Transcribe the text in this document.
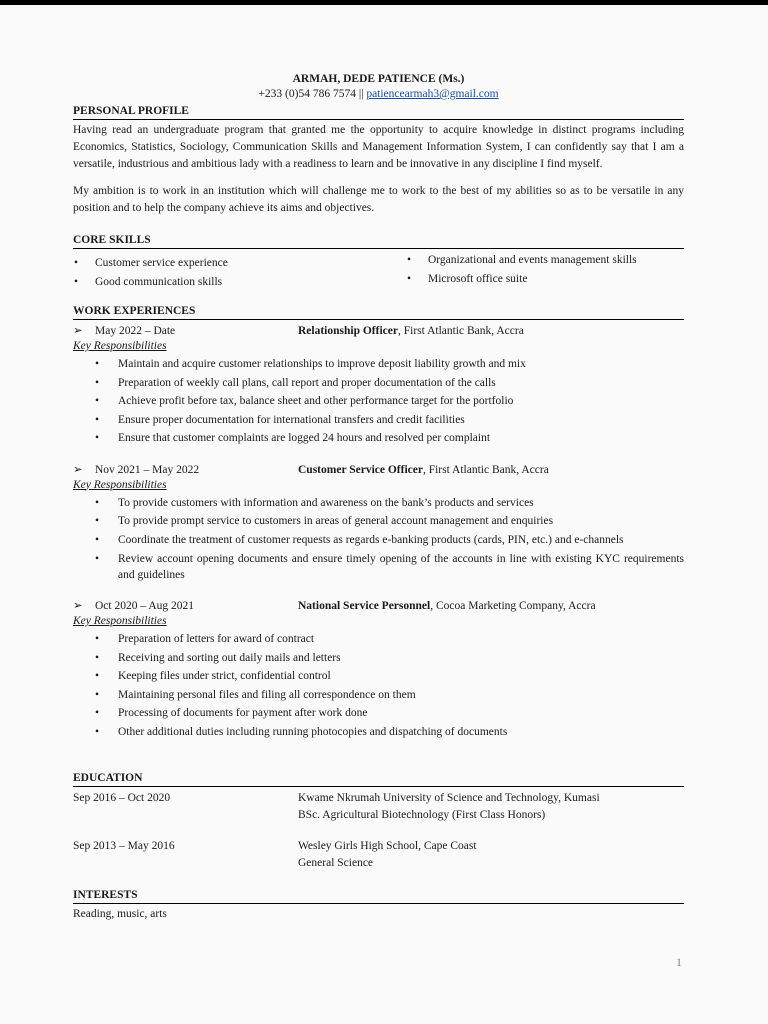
ARMAH, DEDE PATIENCE (Ms.)
+233 (0)54 786 7574 || patiencearmah3@gmail.com
PERSONAL PROFILE

Having read an undergraduate program that granted me the opportunity to acquire knowledge in distinct programs including Economics, Statistics, Sociology, Communication Skills and Management Information System, I can confidently say that I am a versatile, industrious and ambitious lady with a readiness to learn and be innovative in any discipline I find myself.

My ambition is to work in an institution which will challenge me to work to the best of my abilities so as to be versatile in any position and to help the company achieve its aims and objectives.

CORE SKILLS
• Customer service experience
• Good communication skills
• Organizational and events management skills
• Microsoft office suite
WORK EXPERIENCES
➢ May 2022 – Date	Relationship Officer, First Atlantic Bank, Accra
Key Responsibilities
• Maintain and acquire customer relationships to improve deposit liability growth and mix
• Preparation of weekly call plans, call report and proper documentation of the calls
• Achieve profit before tax, balance sheet and other performance target for the portfolio
• Ensure proper documentation for international transfers and credit facilities
• Ensure that customer complaints are logged 24 hours and resolved per complaint
➢ Nov 2021 – May 2022	Customer Service Officer, First Atlantic Bank, Accra
Key Responsibilities
• To provide customers with information and awareness on the bank’s products and services
• To provide prompt service to customers in areas of general account management and enquiries
• Coordinate the treatment of customer requests as regards e-banking products (cards, PIN, etc.) and e-channels
• Review account opening documents and ensure timely opening of the accounts in line with existing KYC requirements and guidelines
➢ Oct 2020 – Aug 2021	National Service Personnel, Cocoa Marketing Company, Accra
Key Responsibilities
• Preparation of letters for award of contract
• Receiving and sorting out daily mails and letters
• Keeping files under strict, confidential control
• Maintaining personal files and filing all correspondence on them
• Processing of documents for payment after work done
• Other additional duties including running photocopies and dispatching of documents
EDUCATION
Sep 2016 – Oct 2020	Kwame Nkrumah University of Science and Technology, Kumasi
BSc. Agricultural Biotechnology (First Class Honors)
Sep 2013 – May 2016	Wesley Girls High School, Cape Coast
General Science
INTERESTS
Reading, music, arts
1
